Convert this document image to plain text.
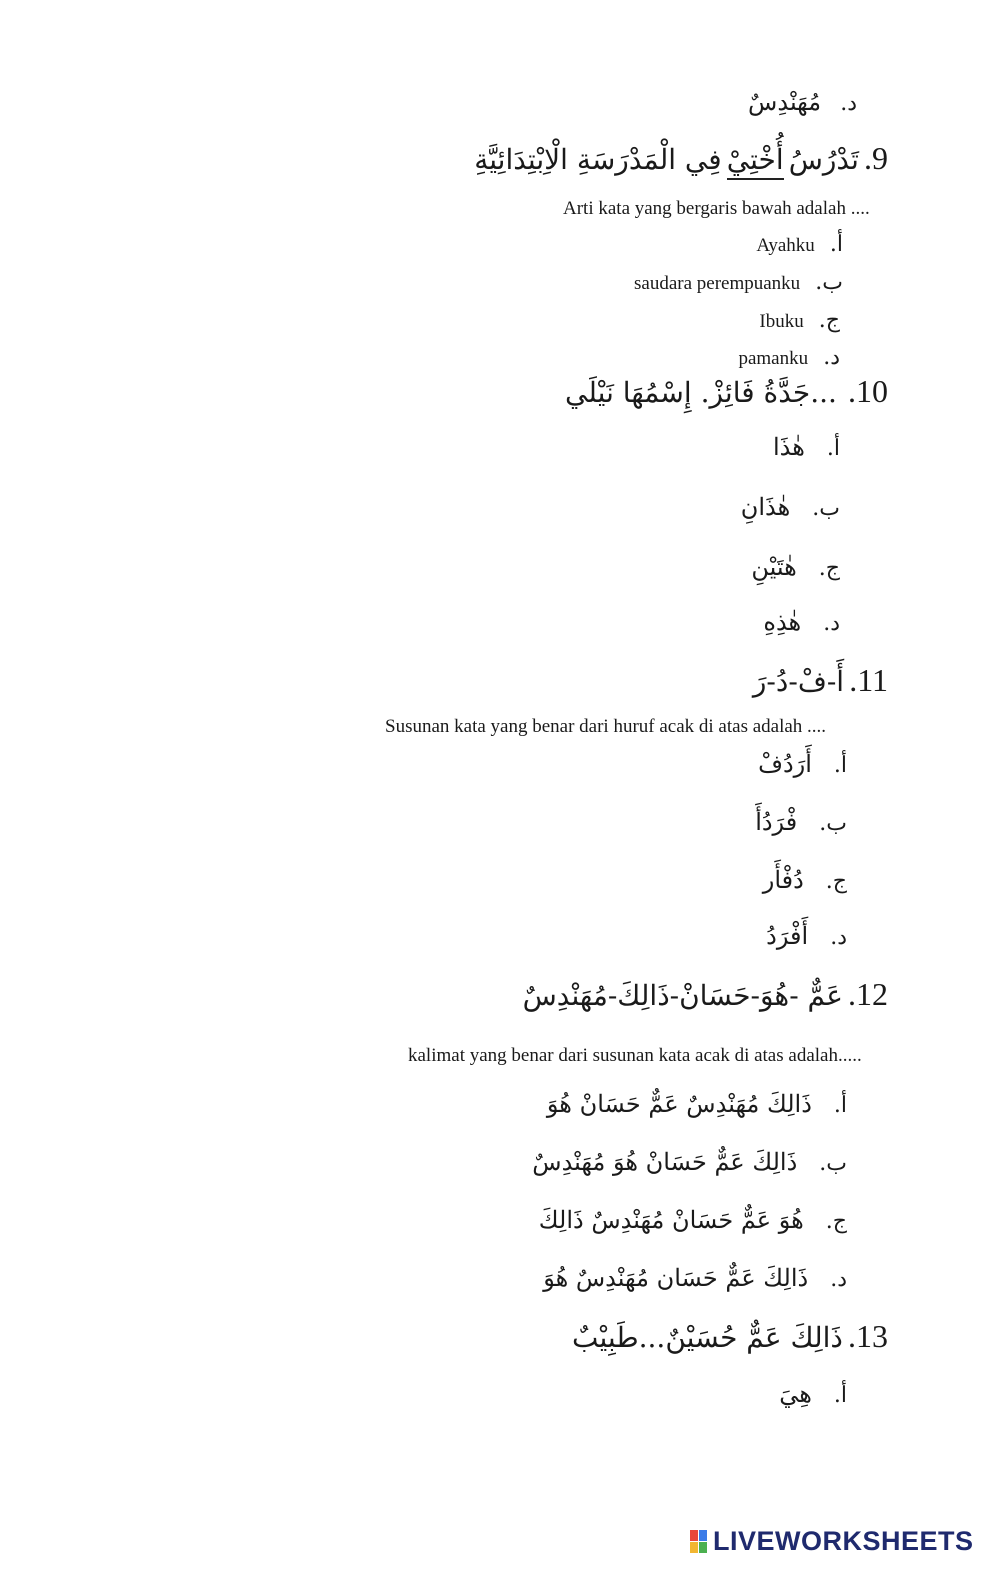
د. مُهَنْدِسٌ
9. تَدْرُسُ أُخْتِيْ فِي الْمَدْرَسَةِ الْاِبْتِدَائِيَّةِ
Arti kata yang bergaris bawah adalah ....
أ. Ayahku
ب. saudara perempuanku
ج. Ibuku
د. pamanku
10. ...جَدَّةُ فَائِزْ. إِسْمُهَا نَيْلَي
أ.
هٰذَا
ب.
هٰذَانِ
ج.
هٰتَيْنِ
د.
هٰذِهِ
11. أَ-فْ-دُ-رَ
Susunan kata yang benar dari huruf acak di atas adalah ....
أ.
أَرَدُفْ
ب.
فْرَدُأَ
ج.
دُفْأَر
د.
أَفْرَدُ
12. عَمٌّ -هُوَ-حَسَانْ-ذَالِكَ-مُهَنْدِسٌ
kalimat yang benar dari susunan kata acak di atas adalah.....
أ.
ذَالِكَ مُهَنْدِسٌ عَمٌّ حَسَانْ هُوَ
ب.
ذَالِكَ عَمٌّ حَسَانْ هُوَ مُهَنْدِسٌ
ج.
هُوَ عَمٌّ حَسَانْ مُهَنْدِسٌ ذَالِكَ
د.
ذَالِكَ عَمٌّ حَسَان مُهَنْدِسٌ هُوَ
13. ذَالِكَ عَمٌّ حُسَيْنٌ...طَبِيْبٌ
أ.
هِيَ
LIVEWORKSHEETS
